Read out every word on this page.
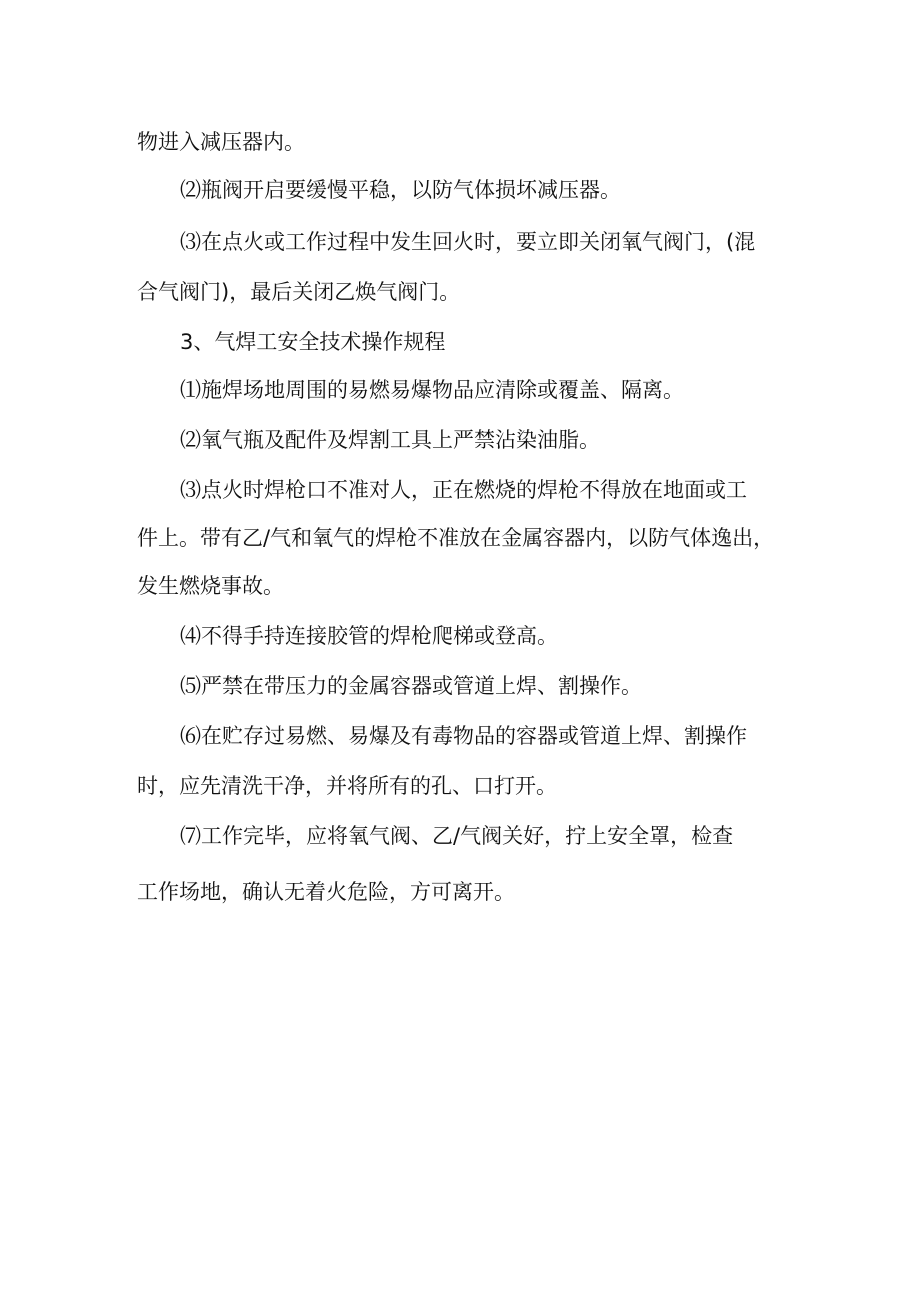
物进入减压器内。
⑵瓶阀开启要缓慢平稳，以防气体损坏减压器。
⑶在点火或工作过程中发生回火时，要立即关闭氧气阀门，(混
合气阀门)，最后关闭乙焕气阀门。
3、气焊工安全技术操作规程
⑴施焊场地周围的易燃易爆物品应清除或覆盖、隔离。
⑵氧气瓶及配件及焊割工具上严禁沾染油脂。
⑶点火时焊枪口不准对人，正在燃烧的焊枪不得放在地面或工
件上。带有乙/气和氧气的焊枪不准放在金属容器内，以防气体逸出，
发生燃烧事故。
⑷不得手持连接胶管的焊枪爬梯或登高。
⑸严禁在带压力的金属容器或管道上焊、割操作。
⑹在贮存过易燃、易爆及有毒物品的容器或管道上焊、割操作
时，应先清洗干净，并将所有的孔、口打开。
⑺工作完毕，应将氧气阀、乙/气阀关好，拧上安全罩，检查
工作场地，确认无着火危险，方可离开。
